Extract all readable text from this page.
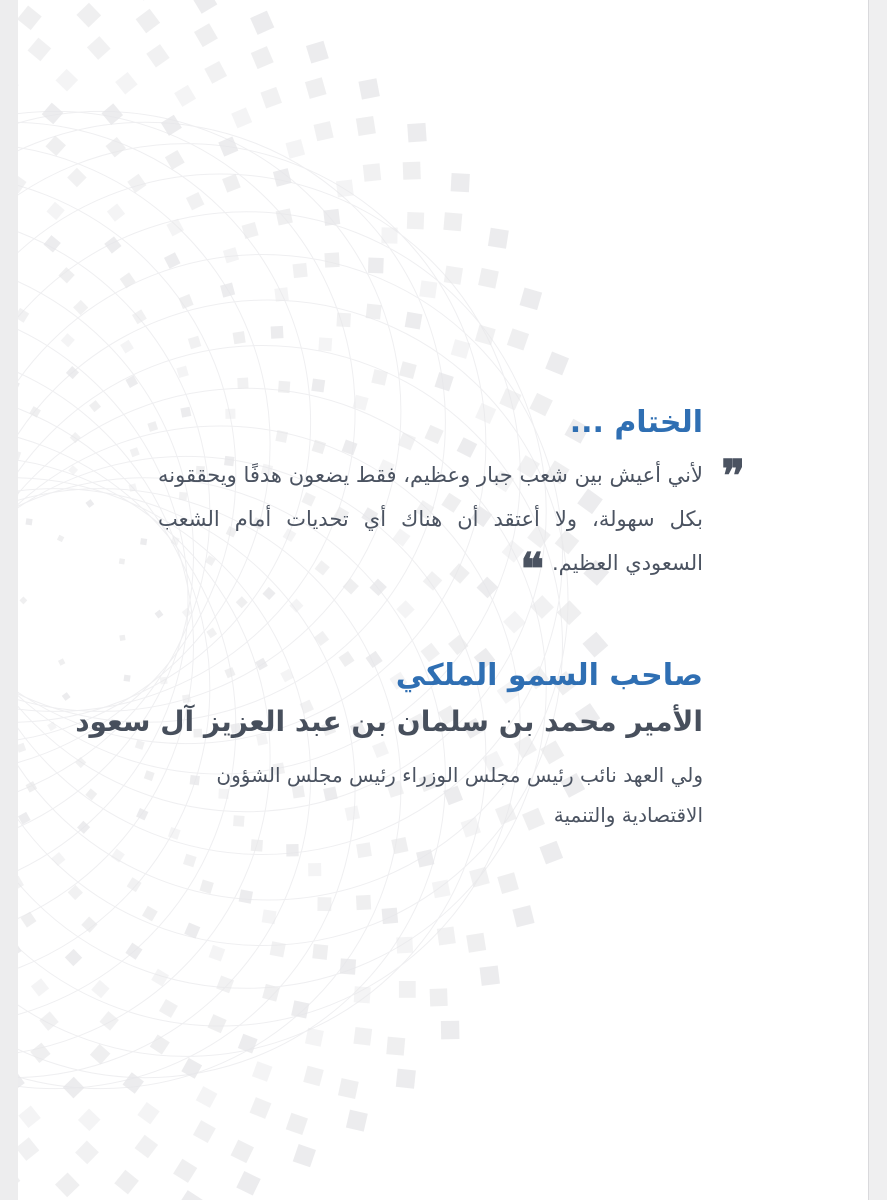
الختام ...
❞

لأني أعيش بين شعب جبار وعظيم، فقط يضعون هدفًا ويحققونه بكل سهولة، ولا أعتقد أن هناك أي تحديات أمام الشعب السعودي العظيم.❝

صاحب السمو الملكي
الأمير محمد بن سلمان بن عبد العزيز آل سعود

ولي العهد نائب رئيس مجلس الوزراء رئيس مجلس الشؤون الاقتصادية والتنمية
